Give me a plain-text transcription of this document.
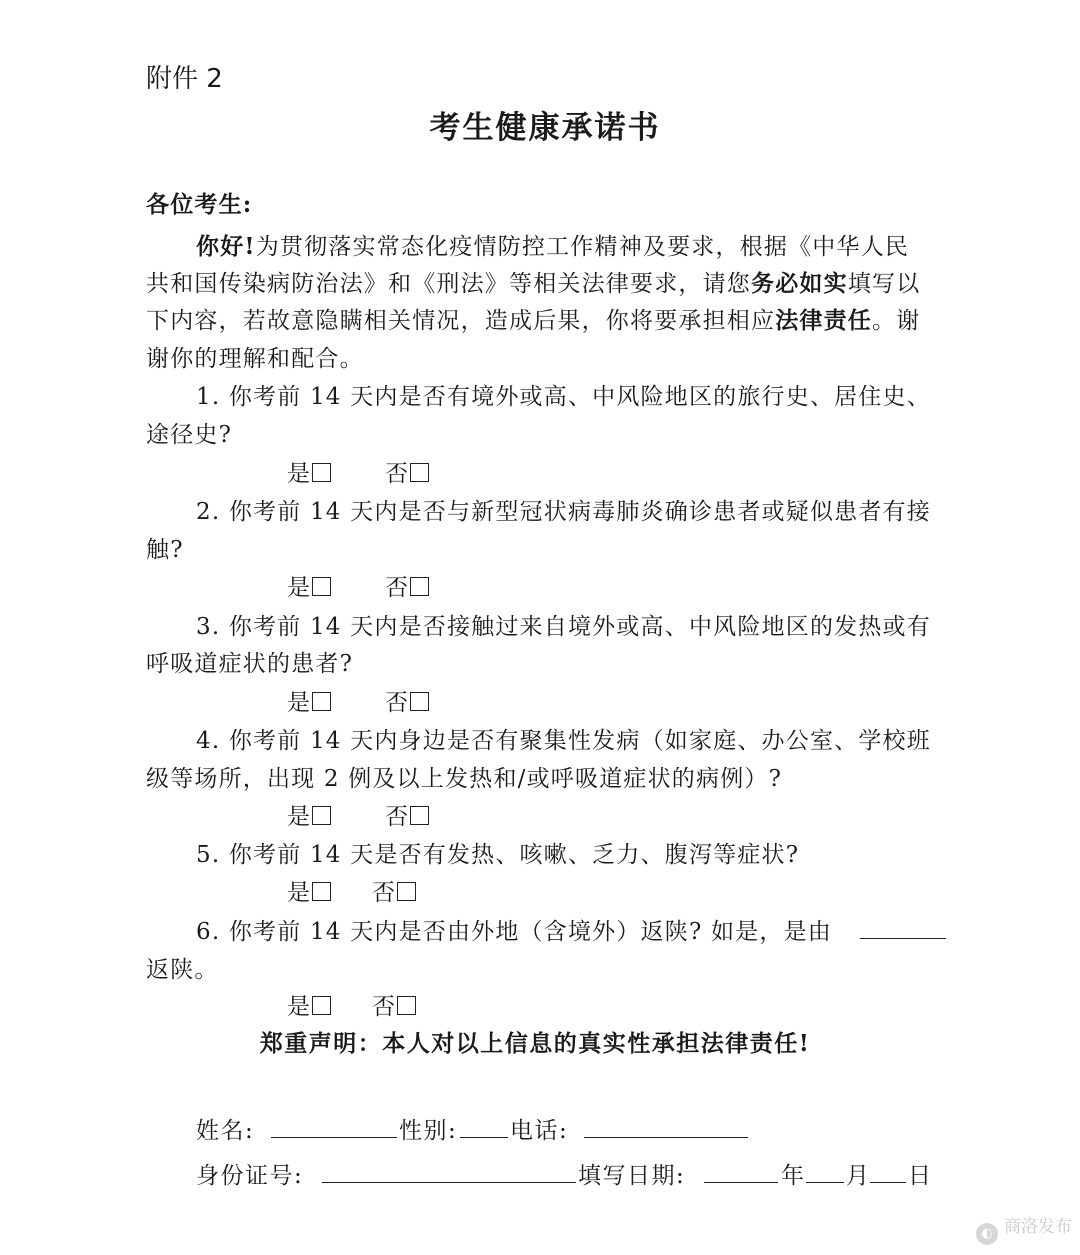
附件 2
考生健康承诺书
各位考生:
你好!为贯彻落实常态化疫情防控工作精神及要求，根据《中华人民
共和国传染病防治法》和《刑法》等相关法律要求，请您务必如实填写以
下内容，若故意隐瞒相关情况，造成后果，你将要承担相应法律责任。谢
谢你的理解和配合。
1. 你考前 14 天内是否有境外或高、中风险地区的旅行史、居住史、
途径史?
是	否
2. 你考前 14 天内是否与新型冠状病毒肺炎确诊患者或疑似患者有接
触?
是	否
3. 你考前 14 天内是否接触过来自境外或高、中风险地区的发热或有
呼吸道症状的患者?
是	否
4. 你考前 14 天内身边是否有聚集性发病（如家庭、办公室、学校班
级等场所，出现 2 例及以上发热和/或呼吸道症状的病例）?
是	否
5. 你考前 14 天是否有发热、咳嗽、乏力、腹泻等症状?
是	否
6. 你考前 14 天内是否由外地（含境外）返陕? 如是，是由
返陕。
是	否
郑重声明：本人对以上信息的真实性承担法律责任!
姓名:	性别: 电话:
身份证号:	填写日期:	年 月 日
◐ 商洛发布
